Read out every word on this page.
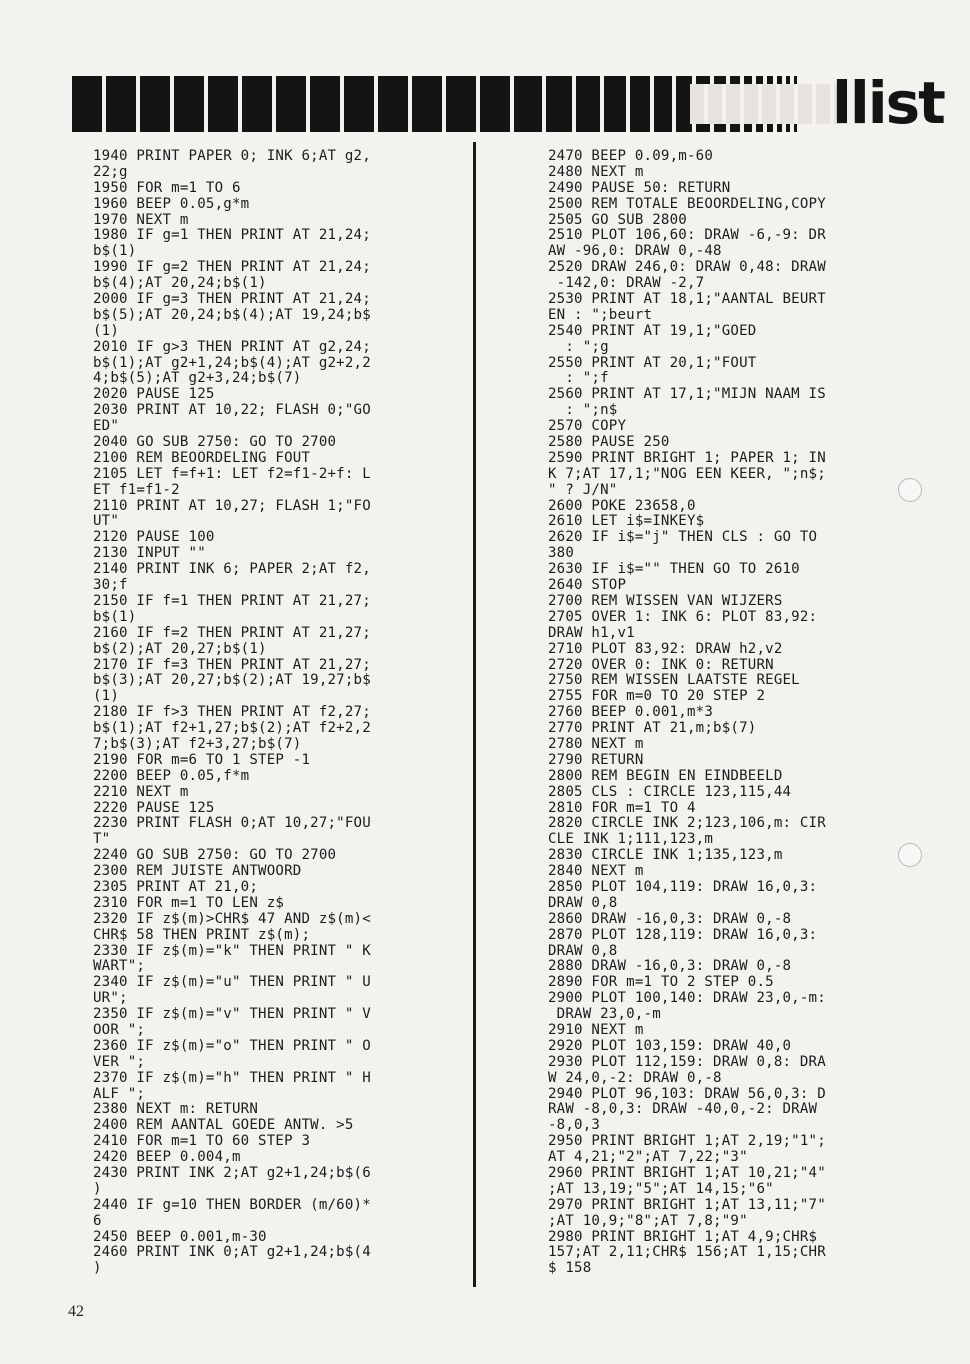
llist
1940 PRINT PAPER 0; INK 6;AT g2,
22;g
1950 FOR m=1 TO 6
1960 BEEP 0.05,g*m
1970 NEXT m
1980 IF g=1 THEN PRINT AT 21,24;
b$(1)
1990 IF g=2 THEN PRINT AT 21,24;
b$(4);AT 20,24;b$(1)
2000 IF g=3 THEN PRINT AT 21,24;
b$(5);AT 20,24;b$(4);AT 19,24;b$
(1)
2010 IF g>3 THEN PRINT AT g2,24;
b$(1);AT g2+1,24;b$(4);AT g2+2,2
4;b$(5);AT g2+3,24;b$(7)
2020 PAUSE 125
2030 PRINT AT 10,22; FLASH 0;"GO
ED"
2040 GO SUB 2750: GO TO 2700
2100 REM BEOORDELING FOUT
2105 LET f=f+1: LET f2=f1-2+f: L
ET f1=f1-2
2110 PRINT AT 10,27; FLASH 1;"FO
UT"
2120 PAUSE 100
2130 INPUT ""
2140 PRINT INK 6; PAPER 2;AT f2,
30;f
2150 IF f=1 THEN PRINT AT 21,27;
b$(1)
2160 IF f=2 THEN PRINT AT 21,27;
b$(2);AT 20,27;b$(1)
2170 IF f=3 THEN PRINT AT 21,27;
b$(3);AT 20,27;b$(2);AT 19,27;b$
(1)
2180 IF f>3 THEN PRINT AT f2,27;
b$(1);AT f2+1,27;b$(2);AT f2+2,2
7;b$(3);AT f2+3,27;b$(7)
2190 FOR m=6 TO 1 STEP -1
2200 BEEP 0.05,f*m
2210 NEXT m
2220 PAUSE 125
2230 PRINT FLASH 0;AT 10,27;"FOU
T"
2240 GO SUB 2750: GO TO 2700
2300 REM JUISTE ANTWOORD
2305 PRINT AT 21,0;
2310 FOR m=1 TO LEN z$
2320 IF z$(m)>CHR$ 47 AND z$(m)<
CHR$ 58 THEN PRINT z$(m);
2330 IF z$(m)="k" THEN PRINT " K
WART";
2340 IF z$(m)="u" THEN PRINT " U
UR";
2350 IF z$(m)="v" THEN PRINT " V
OOR ";
2360 IF z$(m)="o" THEN PRINT " O
VER ";
2370 IF z$(m)="h" THEN PRINT " H
ALF ";
2380 NEXT m: RETURN
2400 REM AANTAL GOEDE ANTW. >5
2410 FOR m=1 TO 60 STEP 3
2420 BEEP 0.004,m
2430 PRINT INK 2;AT g2+1,24;b$(6
)
2440 IF g=10 THEN BORDER (m/60)*
6
2450 BEEP 0.001,m-30
2460 PRINT INK 0;AT g2+1,24;b$(4
)
2470 BEEP 0.09,m-60
2480 NEXT m
2490 PAUSE 50: RETURN
2500 REM TOTALE BEOORDELING,COPY
2505 GO SUB 2800
2510 PLOT 106,60: DRAW -6,-9: DR
AW -96,0: DRAW 0,-48
2520 DRAW 246,0: DRAW 0,48: DRAW
-142,0: DRAW -2,7
2530 PRINT AT 18,1;"AANTAL BEURT
EN : ";beurt
2540 PRINT AT 19,1;"GOED
: ";g
2550 PRINT AT 20,1;"FOUT
: ";f
2560 PRINT AT 17,1;"MIJN NAAM IS
: ";n$
2570 COPY
2580 PAUSE 250
2590 PRINT BRIGHT 1; PAPER 1; IN
K 7;AT 17,1;"NOG EEN KEER, ";n$;
" ? J/N"
2600 POKE 23658,0
2610 LET i$=INKEY$
2620 IF i$="j" THEN CLS : GO TO
380
2630 IF i$="" THEN GO TO 2610
2640 STOP
2700 REM WISSEN VAN WIJZERS
2705 OVER 1: INK 6: PLOT 83,92:
DRAW h1,v1
2710 PLOT 83,92: DRAW h2,v2
2720 OVER 0: INK 0: RETURN
2750 REM WISSEN LAATSTE REGEL
2755 FOR m=0 TO 20 STEP 2
2760 BEEP 0.001,m*3
2770 PRINT AT 21,m;b$(7)
2780 NEXT m
2790 RETURN
2800 REM BEGIN EN EINDBEELD
2805 CLS : CIRCLE 123,115,44
2810 FOR m=1 TO 4
2820 CIRCLE INK 2;123,106,m: CIR
CLE INK 1;111,123,m
2830 CIRCLE INK 1;135,123,m
2840 NEXT m
2850 PLOT 104,119: DRAW 16,0,3:
DRAW 0,8
2860 DRAW -16,0,3: DRAW 0,-8
2870 PLOT 128,119: DRAW 16,0,3:
DRAW 0,8
2880 DRAW -16,0,3: DRAW 0,-8
2890 FOR m=1 TO 2 STEP 0.5
2900 PLOT 100,140: DRAW 23,0,-m:
DRAW 23,0,-m
2910 NEXT m
2920 PLOT 103,159: DRAW 40,0
2930 PLOT 112,159: DRAW 0,8: DRA
W 24,0,-2: DRAW 0,-8
2940 PLOT 96,103: DRAW 56,0,3: D
RAW -8,0,3: DRAW -40,0,-2: DRAW
-8,0,3
2950 PRINT BRIGHT 1;AT 2,19;"1";
AT 4,21;"2";AT 7,22;"3"
2960 PRINT BRIGHT 1;AT 10,21;"4"
;AT 13,19;"5";AT 14,15;"6"
2970 PRINT BRIGHT 1;AT 13,11;"7"
;AT 10,9;"8";AT 7,8;"9"
2980 PRINT BRIGHT 1;AT 4,9;CHR$
157;AT 2,11;CHR$ 156;AT 1,15;CHR
$ 158
42
